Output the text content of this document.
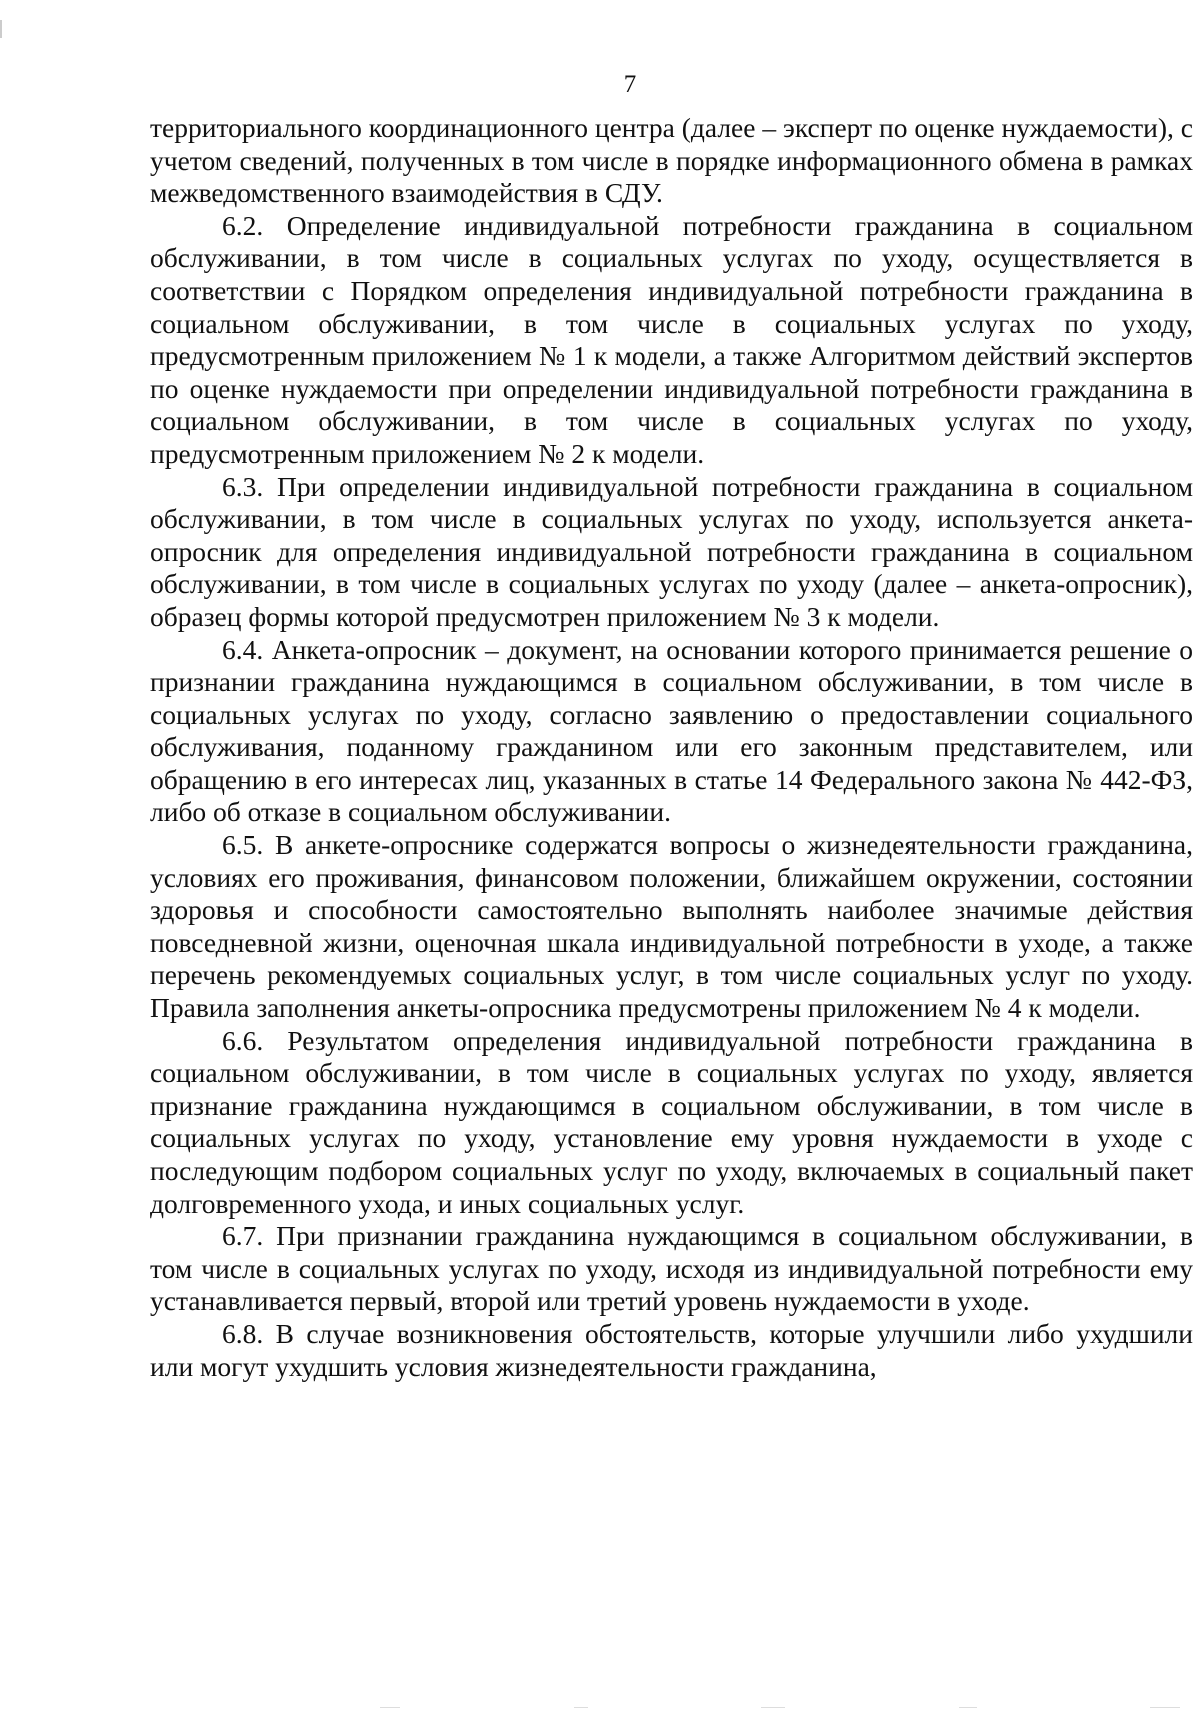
7

территориального координационного центра (далее – эксперт по оценке нуждаемости), с учетом сведений, полученных в том числе в порядке информационного обмена в рамках межведомственного взаимодействия в СДУ.

6.2. Определение индивидуальной потребности гражданина в социальном обслуживании, в том числе в социальных услугах по уходу, осуществляется в соответствии с Порядком определения индивидуальной потребности гражданина в социальном обслуживании, в том числе в социальных услугах по уходу, предусмотренным приложением № 1 к модели, а также Алгоритмом действий экспертов по оценке нуждаемости при определении индивидуальной потребности гражданина в социальном обслуживании, в том числе в социальных услугах по уходу, предусмотренным приложением № 2 к модели.

6.3. При определении индивидуальной потребности гражданина в социальном обслуживании, в том числе в социальных услугах по уходу, используется анкета-опросник для определения индивидуальной потребности гражданина в социальном обслуживании, в том числе в социальных услугах по уходу (далее – анкета-опросник), образец формы которой предусмотрен приложением № 3 к модели.

6.4. Анкета-опросник – документ, на основании которого принимается решение о признании гражданина нуждающимся в социальном обслуживании, в том числе в социальных услугах по уходу, согласно заявлению о предоставлении социального обслуживания, поданному гражданином или его законным представителем, или обращению в его интересах лиц, указанных в статье 14 Федерального закона № 442-ФЗ, либо об отказе в социальном обслуживании.

6.5. В анкете-опроснике содержатся вопросы о жизнедеятельности гражданина, условиях его проживания, финансовом положении, ближайшем окружении, состоянии здоровья и способности самостоятельно выполнять наиболее значимые действия повседневной жизни, оценочная шкала индивидуальной потребности в уходе, а также перечень рекомендуемых социальных услуг, в том числе социальных услуг по уходу. Правила заполнения анкеты-опросника предусмотрены приложением № 4 к модели.

6.6. Результатом определения индивидуальной потребности гражданина в социальном обслуживании, в том числе в социальных услугах по уходу, является признание гражданина нуждающимся в социальном обслуживании, в том числе в социальных услугах по уходу, установление ему уровня нуждаемости в уходе с последующим подбором социальных услуг по уходу, включаемых в социальный пакет долговременного ухода, и иных социальных услуг.

6.7. При признании гражданина нуждающимся в социальном обслуживании, в том числе в социальных услугах по уходу, исходя из индивидуальной потребности ему устанавливается первый, второй или третий уровень нуждаемости в уходе.

6.8. В случае возникновения обстоятельств, которые улучшили либо ухудшили или могут ухудшить условия жизнедеятельности гражданина,
